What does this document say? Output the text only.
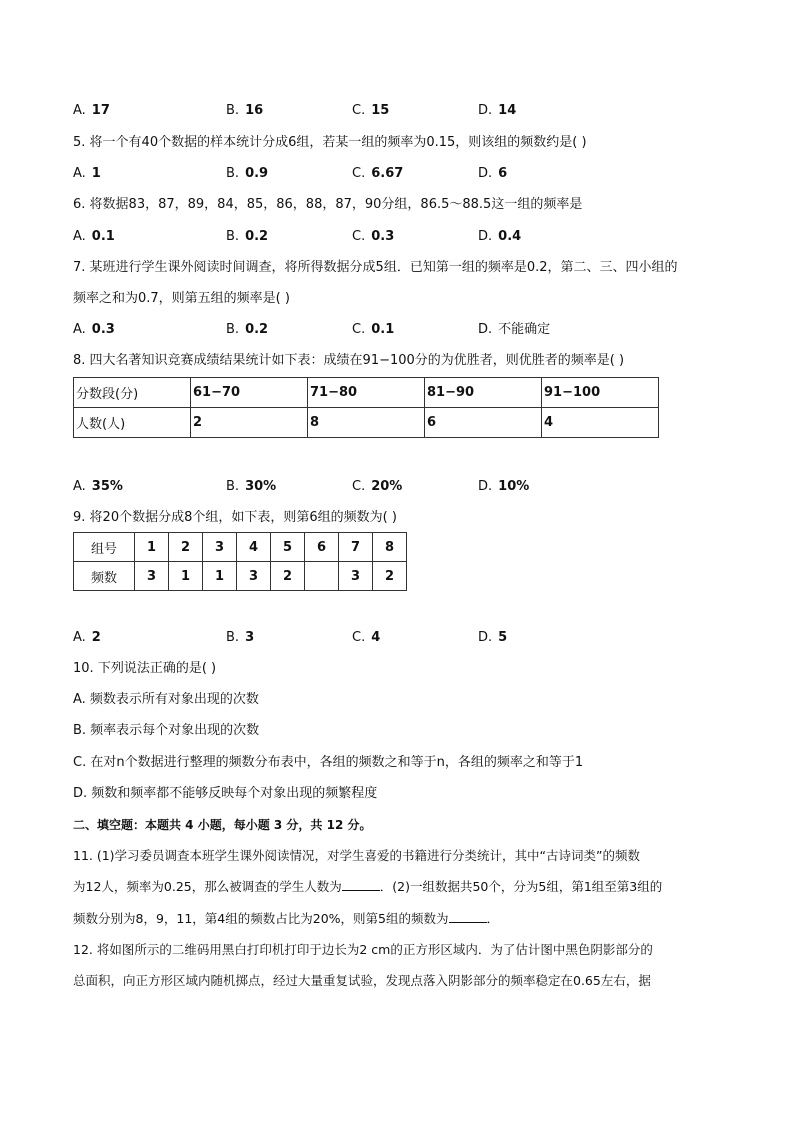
A. 17	B. 16	C. 15	D. 14
5. 将一个有40个数据的样本统计分成6组，若某一组的频率为0.15，则该组的频数约是( )
A. 1	B. 0.9	C. 6.67	D. 6
6. 将数据83，87，89，84，85，86，88，87，90分组，86.5～88.5这一组的频率是
A. 0.1	B. 0.2	C. 0.3	D. 0.4
7. 某班进行学生课外阅读时间调查，将所得数据分成5组．已知第一组的频率是0.2，第二、三、四小组的
频率之和为0.7，则第五组的频率是( )
A. 0.3	B. 0.2	C. 0.1	D. 不能确定
8. 四大名著知识竞赛成绩结果统计如下表：成绩在91−100分的为优胜者，则优胜者的频率是( )
分数段(分)	61−70	71−80	81−90	91−100
人数(人)	2	8	6	4
A. 35%	B. 30%	C. 20%	D. 10%
9. 将20个数据分成8个组，如下表，则第6组的频数为( )
组号	1	2	3	4	5	6	7	8
频数	3	1	1	3	2		3	2
A. 2	B. 3	C. 4	D. 5
10. 下列说法正确的是( )
A. 频数表示所有对象出现的次数
B. 频率表示每个对象出现的次数
C. 在对n个数据进行整理的频数分布表中，各组的频数之和等于n，各组的频率之和等于1
D. 频数和频率都不能够反映每个对象出现的频繁程度
二、填空题：本题共 4 小题，每小题 3 分，共 12 分。
11. (1)学习委员调查本班学生课外阅读情况，对学生喜爱的书籍进行分类统计，其中“古诗词类”的频数
为12人，频率为0.25，那么被调查的学生人数为	．(2)一组数据共50个，分为5组，第1组至第3组的
频数分别为8，9，11，第4组的频数占比为20%，则第5组的频数为	．
12. 将如图所示的二维码用黑白打印机打印于边长为2 cm的正方形区域内．为了估计图中黑色阴影部分的
总面积，向正方形区域内随机掷点，经过大量重复试验，发现点落入阴影部分的频率稳定在0.65左右，据
